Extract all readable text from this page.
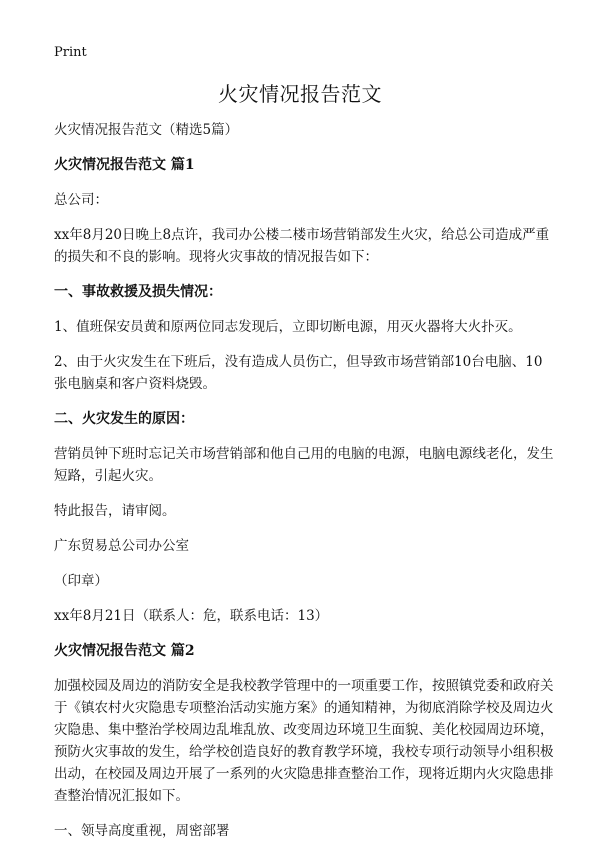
Print
火灾情况报告范文

火灾情况报告范文（精选5篇）

火灾情况报告范文 篇1

总公司：

xx年8月20日晚上8点许，我司办公楼二楼市场营销部发生火灾，给总公司造成严重的损失和不良的影响。现将火灾事故的情况报告如下：

一、事故救援及损失情况：

1、值班保安员黄和原两位同志发现后，立即切断电源，用灭火器将大火扑灭。

2、由于火灾发生在下班后，没有造成人员伤亡，但导致市场营销部10台电脑、10张电脑桌和客户资料烧毁。

二、火灾发生的原因：

营销员钟下班时忘记关市场营销部和他自己用的电脑的电源，电脑电源线老化，发生短路，引起火灾。

特此报告，请审阅。

广东贸易总公司办公室

（印章）

xx年8月21日（联系人：危，联系电话：13）

火灾情况报告范文 篇2

加强校园及周边的消防安全是我校教学管理中的一项重要工作，按照镇党委和政府关于《镇农村火灾隐患专项整治活动实施方案》的通知精神，为彻底消除学校及周边火灾隐患、集中整治学校周边乱堆乱放、改变周边环境卫生面貌、美化校园周边环境，预防火灾事故的发生，给学校创造良好的教育教学环境，我校专项行动领导小组积极出动，在校园及周边开展了一系列的火灾隐患排查整治工作，现将近期内火灾隐患排查整治情况汇报如下。

一、领导高度重视，周密部署
